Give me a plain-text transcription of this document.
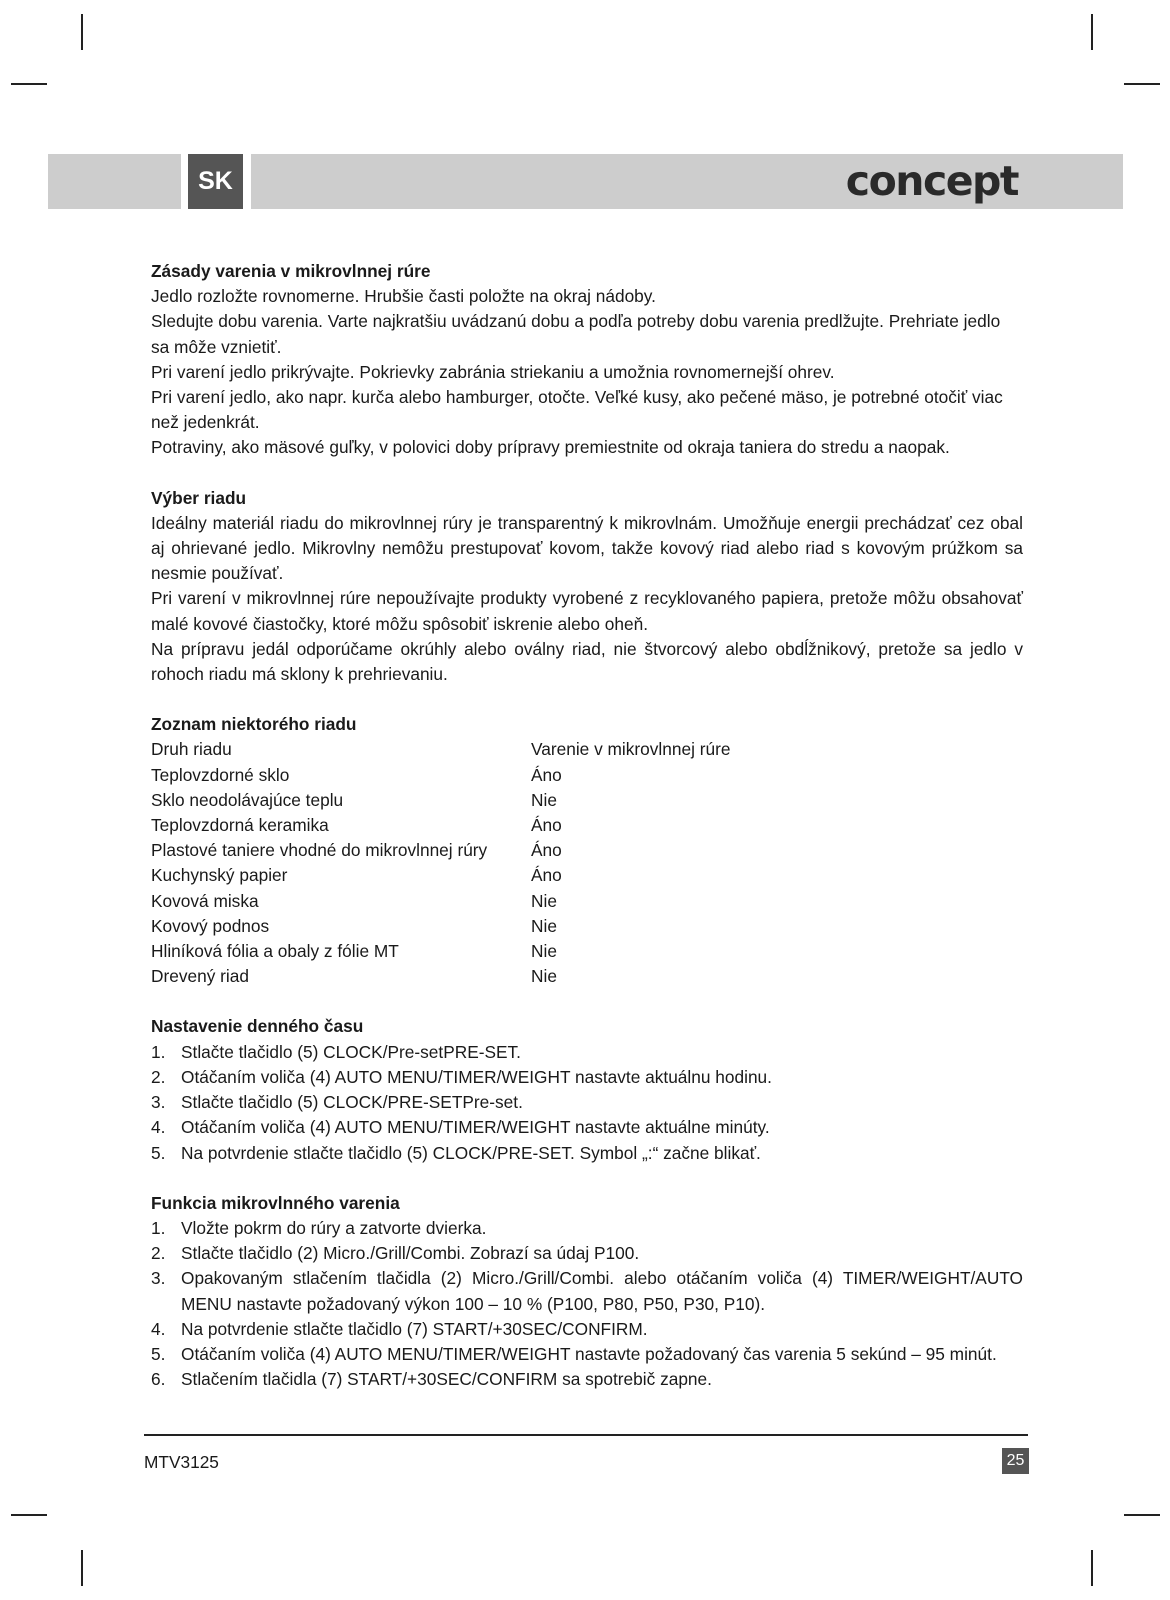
SK	concept
Zásady varenia v mikrovlnnej rúre

Jedlo rozložte rovnomerne. Hrubšie časti položte na okraj nádoby.

Sledujte dobu varenia. Varte najkratšiu uvádzanú dobu a podľa potreby dobu varenia predlžujte. Prehriate jedlo sa môže vznietiť.

Pri varení jedlo prikrývajte. Pokrievky zabránia striekaniu a umožnia rovnomernejší ohrev.

Pri varení jedlo, ako napr. kurča alebo hamburger, otočte. Veľké kusy, ako pečené mäso, je potrebné otočiť viac než jedenkrát.

Potraviny, ako mäsové guľky, v polovici doby prípravy premiestnite od okraja taniera do stredu a naopak.

Výber riadu

Ideálny materiál riadu do mikrovlnnej rúry je transparentný k mikrovlnám. Umožňuje energii prechádzať cez obal aj ohrievané jedlo. Mikrovlny nemôžu prestupovať kovom, takže kovový riad alebo riad s kovovým prúžkom sa nesmie používať.

Pri varení v mikrovlnnej rúre nepoužívajte produkty vyrobené z recyklovaného papiera, pretože môžu obsahovať malé kovové čiastočky, ktoré môžu spôsobiť iskrenie alebo oheň.

Na prípravu jedál odporúčame okrúhly alebo oválny riad, nie štvorcový alebo obdĺžnikový, pretože sa jedlo v rohoch riadu má sklony k prehrievaniu.

Zoznam niektorého riadu
Druh riadu	Varenie v mikrovlnnej rúre
Teplovzdorné sklo	Áno
Sklo neodolávajúce teplu	Nie
Teplovzdorná keramika	Áno
Plastové taniere vhodné do mikrovlnnej rúry	Áno
Kuchynský papier	Áno
Kovová miska	Nie
Kovový podnos	Nie
Hliníková fólia a obaly z fólie MT	Nie
Drevený riad	Nie
Nastavenie denného času
1. Stlačte tlačidlo (5) CLOCK/Pre-setPRE-SET.
2. Otáčaním voliča (4) AUTO MENU/TIMER/WEIGHT nastavte aktuálnu hodinu.
3. Stlačte tlačidlo (5) CLOCK/PRE-SETPre-set.
4. Otáčaním voliča (4) AUTO MENU/TIMER/WEIGHT nastavte aktuálne minúty.
5. Na potvrdenie stlačte tlačidlo (5) CLOCK/PRE-SET. Symbol „:“ začne blikať.
Funkcia mikrovlnného varenia
1. Vložte pokrm do rúry a zatvorte dvierka.
2. Stlačte tlačidlo (2) Micro./Grill/Combi. Zobrazí sa údaj P100.
3. Opakovaným stlačením tlačidla (2) Micro./Grill/Combi. alebo otáčaním voliča (4) TIMER/WEIGHT/AUTO MENU nastavte požadovaný výkon 100 – 10 % (P100, P80, P50, P30, P10).
4. Na potvrdenie stlačte tlačidlo (7) START/+30SEC/CONFIRM.
5. Otáčaním voliča (4) AUTO MENU/TIMER/WEIGHT nastavte požadovaný čas varenia 5 sekúnd – 95 minút.
6. Stlačením tlačidla (7) START/+30SEC/CONFIRM sa spotrebič zapne.
MTV3125	25
